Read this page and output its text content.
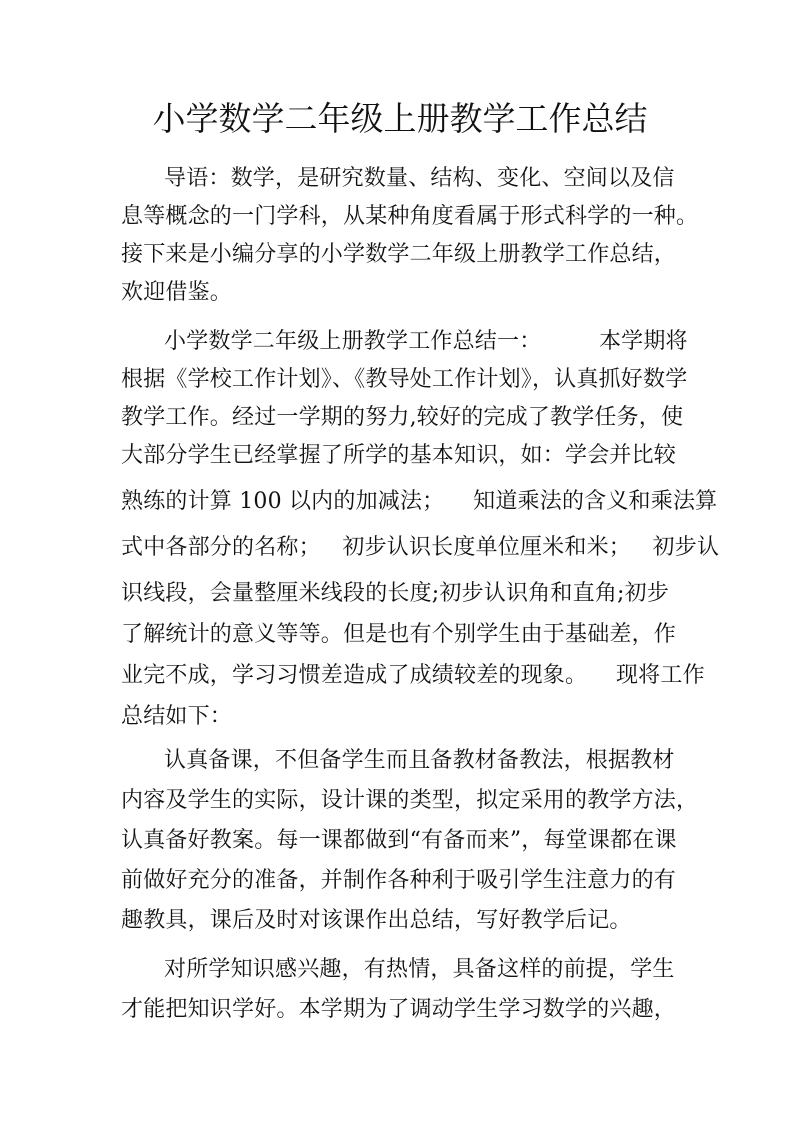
小学数学二年级上册教学工作总结
导语：数学，是研究数量、结构、变化、空间以及信
息等概念的一门学科，从某种角度看属于形式科学的一种。
接下来是小编分享的小学数学二年级上册教学工作总结，
欢迎借鉴。
小学数学二年级上册教学工作总结一：        本学期将
根据《学校工作计划》、《教导处工作计划》，认真抓好数学
教学工作。经过一学期的努力,较好的完成了教学任务，使
大部分学生已经掌握了所学的基本知识，如：学会并比较
熟练的计算 100 以内的加减法；    知道乘法的含义和乘法算
式中各部分的名称；   初步认识长度单位厘米和米；   初步认
识线段，会量整厘米线段的长度;初步认识角和直角;初步
了解统计的意义等等。但是也有个别学生由于基础差，作
业完不成，学习习惯差造成了成绩较差的现象。    现将工作
总结如下：
认真备课，不但备学生而且备教材备教法，根据教材
内容及学生的实际，设计课的类型，拟定采用的教学方法，
认真备好教案。每一课都做到“有备而来”，每堂课都在课
前做好充分的准备，并制作各种利于吸引学生注意力的有
趣教具，课后及时对该课作出总结，写好教学后记。
对所学知识感兴趣，有热情，具备这样的前提，学生
才能把知识学好。本学期为了调动学生学习数学的兴趣，
